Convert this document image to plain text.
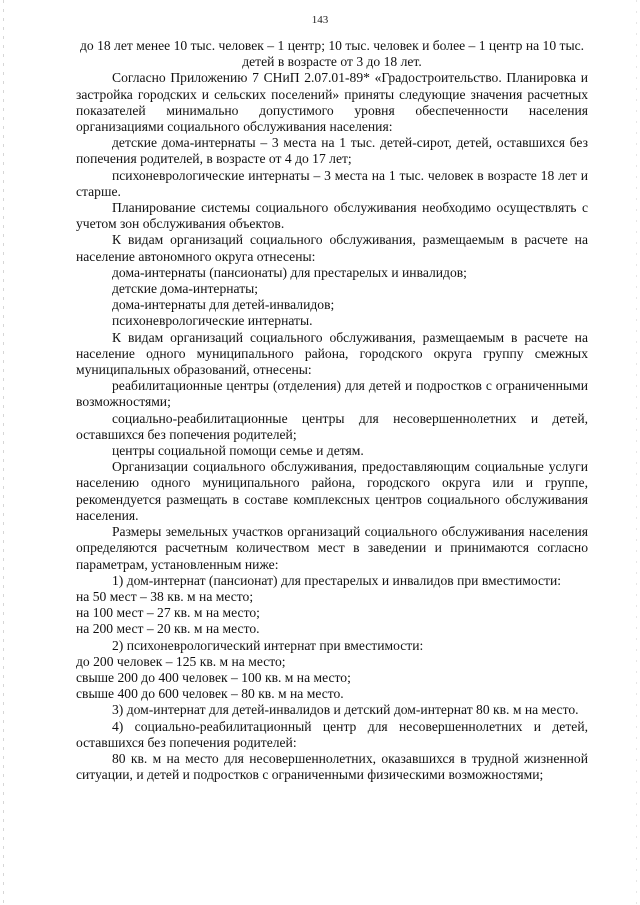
143

до 18 лет менее 10 тыс. человек – 1 центр; 10 тыс. человек и более – 1 центр на 10 тыс. детей в возрасте от 3 до 18 лет.

Согласно Приложению 7 СНиП 2.07.01-89* «Градостроительство. Планировка и застройка городских и сельских поселений» приняты следующие значения расчетных показателей минимально допустимого уровня обеспеченности населения организациями социального обслуживания населения:

детские дома-интернаты – 3 места на 1 тыс. детей-сирот, детей, оставшихся без попечения родителей, в возрасте от 4 до 17 лет;

психоневрологические интернаты – 3 места на 1 тыс. человек в возрасте 18 лет и старше.

Планирование системы социального обслуживания необходимо осуществлять с учетом зон обслуживания объектов.

К видам организаций социального обслуживания, размещаемым в расчете на население автономного округа отнесены:

дома-интернаты (пансионаты) для престарелых и инвалидов;

детские дома-интернаты;

дома-интернаты для детей-инвалидов;

психоневрологические интернаты.

К видам организаций социального обслуживания, размещаемым в расчете на население одного муниципального района, городского округа группу смежных муниципальных образований, отнесены:

реабилитационные центры (отделения) для детей и подростков с ограниченными возможностями;

социально-реабилитационные центры для несовершеннолетних и детей, оставшихся без попечения родителей;

центры социальной помощи семье и детям.

Организации социального обслуживания, предоставляющим социальные услуги населению одного муниципального района, городского округа или и группе, рекомендуется размещать в составе комплексных центров социального обслуживания населения.

Размеры земельных участков организаций социального обслуживания населения определяются расчетным количеством мест в заведении и принимаются согласно параметрам, установленным ниже:

1) дом-интернат (пансионат) для престарелых и инвалидов при вместимости:

на 50 мест – 38 кв. м на место;

на 100 мест – 27 кв. м на место;

на 200 мест – 20 кв. м на место.

2) психоневрологический интернат при вместимости:

до 200 человек – 125 кв. м на место;

свыше 200 до 400 человек – 100 кв. м на место;

свыше 400 до 600 человек – 80 кв. м на место.

3) дом-интернат для детей-инвалидов и детский дом-интернат 80 кв. м на место.

4) социально-реабилитационный центр для несовершеннолетних и детей, оставшихся без попечения родителей:

80 кв. м на место для несовершеннолетних, оказавшихся в трудной жизненной ситуации, и детей и подростков с ограниченными физическими возможностями;
